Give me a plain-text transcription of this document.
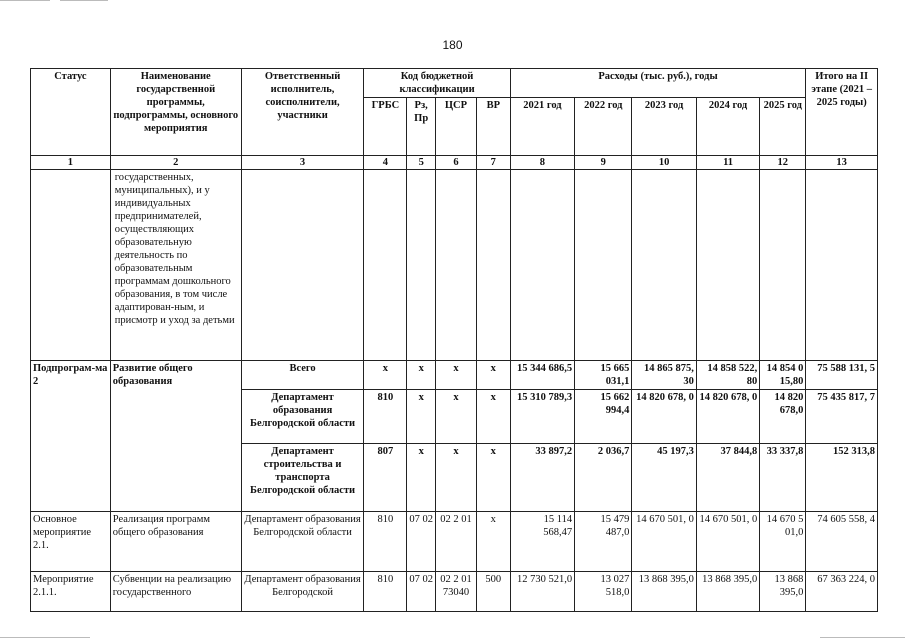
180
Статус	Наименование государственной программы, подпрограммы, основного мероприятия	Ответственный исполнитель, соисполнители, участники	Код бюджетной классификации				Расходы (тыс. руб.), годы					Итого на II этапе (2021 – 2025 годы)
			ГРБС	Рз, Пр	ЦСР	ВР	2021 год	2022 год	2023 год	2024 год	2025 год	
1	2	3	4	5	6	7	8	9	10	11	12	13
	государственных, муниципальных), и у индивидуальных предпринимателей, осуществляющих образовательную деятельность по образовательным программам дошкольного образования, в том числе адаптирован-ным, и присмотр и уход за детьми											
Подпрограм-ма 2	Развитие общего образования	Всего	х	х	х	х	15 344 686,5	15 665 031,1	14 865 875, 30	14 858 522, 80	14 854 0 15,80	75 588 131, 5
		Департамент образования Белгородской области	810	х	х	х	15 310 789,3	15 662 994,4	14 820 678, 0	14 820 678, 0	14 820 678,0	75 435 817, 7
		Департамент строительства и транспорта Белгородской области	807	х	х	х	33 897,2	2 036,7	45 197,3	37 844,8	33 337,8	152 313,8
Основное мероприятие 2.1.	Реализация программ общего образования	Департамент образования Белгородской области	810	07 02	02 2 01	х	15 114 568,47	15 479 487,0	14 670 501, 0	14 670 501, 0	14 670 5 01,0	74 605 558, 4
Мероприятие 2.1.1.	Субвенции на реализацию государственного	Департамент образования Белгородской	810	07 02	02 2 01 73040	500	12 730 521,0	13 027 518,0	13 868 395,0	13 868 395,0	13 868 395,0	67 363 224, 0
